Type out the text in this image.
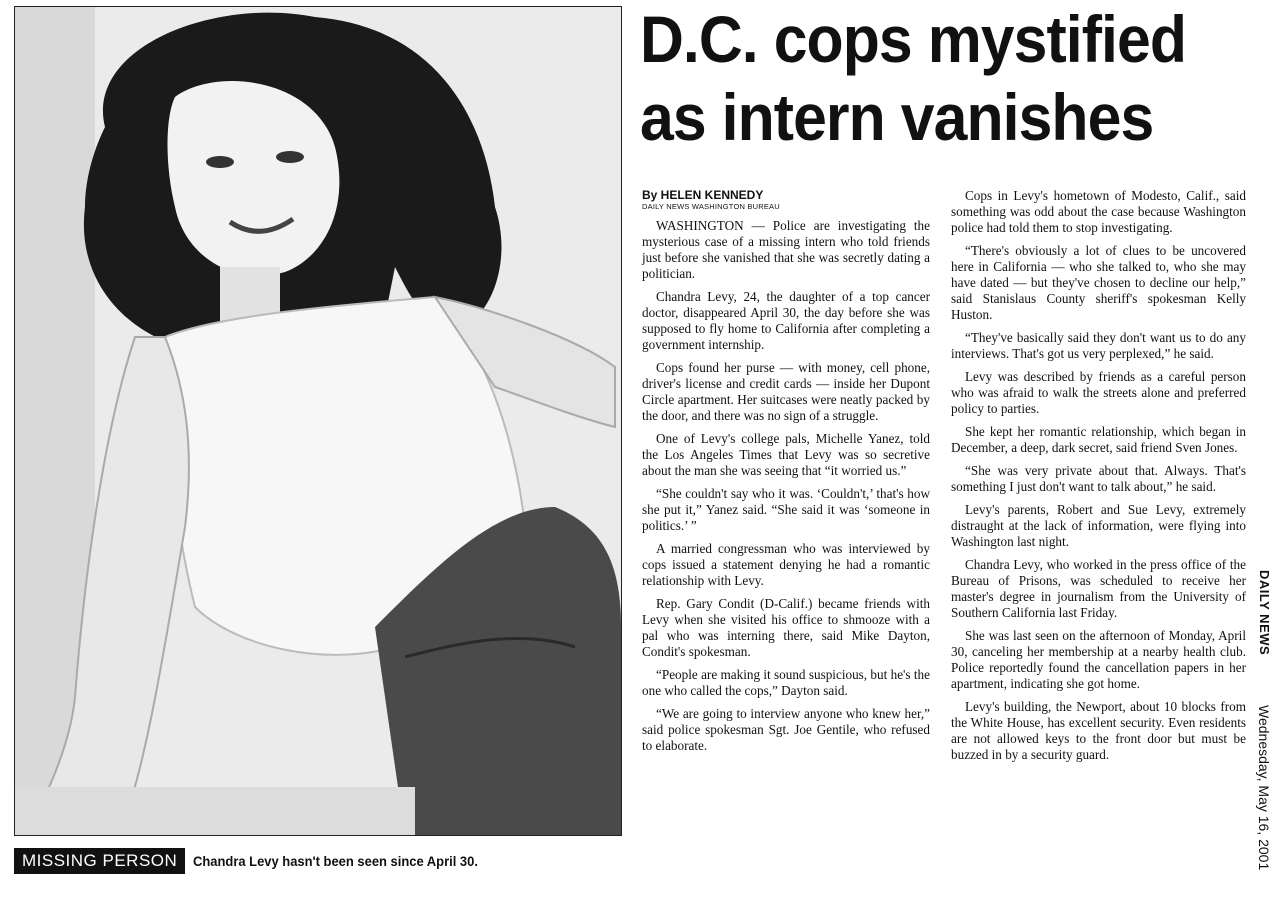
MISSING PERSON	Chandra Levy hasn't been seen since April 30.
D.C. cops mystified
as intern vanishes
By HELEN KENNEDY
DAILY NEWS WASHINGTON BUREAU

WASHINGTON — Police are investigating the mysterious case of a missing intern who told friends just before she vanished that she was secretly dating a politician.

Chandra Levy, 24, the daughter of a top cancer doctor, disappeared April 30, the day before she was supposed to fly home to California after completing a government internship.

Cops found her purse — with money, cell phone, driver's license and credit cards — inside her Dupont Circle apartment. Her suitcases were neatly packed by the door, and there was no sign of a struggle.

One of Levy's college pals, Michelle Yanez, told the Los Angeles Times that Levy was so secretive about the man she was seeing that “it worried us.”

“She couldn't say who it was. ‘Couldn't,’ that's how she put it,” Yanez said. “She said it was ‘someone in politics.’ ”

A married congressman who was interviewed by cops issued a statement denying he had a romantic relationship with Levy.

Rep. Gary Condit (D-Calif.) became friends with Levy when she visited his office to shmooze with a pal who was interning there, said Mike Dayton, Condit's spokesman.

“People are making it sound suspicious, but he's the one who called the cops,” Dayton said.

“We are going to interview anyone who knew her,” said police spokesman Sgt. Joe Gentile, who refused to elaborate.

Cops in Levy's hometown of Modesto, Calif., said something was odd about the case because Washington police had told them to stop investigating.

“There's obviously a lot of clues to be uncovered here in California — who she talked to, who she may have dated — but they've chosen to decline our help,” said Stanislaus County sheriff's spokesman Kelly Huston.

“They've basically said they don't want us to do any interviews. That's got us very perplexed,” he said.

Levy was described by friends as a careful person who was afraid to walk the streets alone and preferred policy to parties.

She kept her romantic relationship, which began in December, a deep, dark secret, said friend Sven Jones.

“She was very private about that. Always. That's something I just don't want to talk about,” he said.

Levy's parents, Robert and Sue Levy, extremely distraught at the lack of information, were flying into Washington last night.

Chandra Levy, who worked in the press office of the Bureau of Prisons, was scheduled to receive her master's degree in journalism from the University of Southern California last Friday.

She was last seen on the afternoon of Monday, April 30, canceling her membership at a nearby health club. Police reportedly found the cancellation papers in her apartment, indicating she got home.

Levy's building, the Newport, about 10 blocks from the White House, has excellent security. Even residents are not allowed keys to the front door but must be buzzed in by a security guard.

DAILY NEWS Wednesday, May 16, 2001
